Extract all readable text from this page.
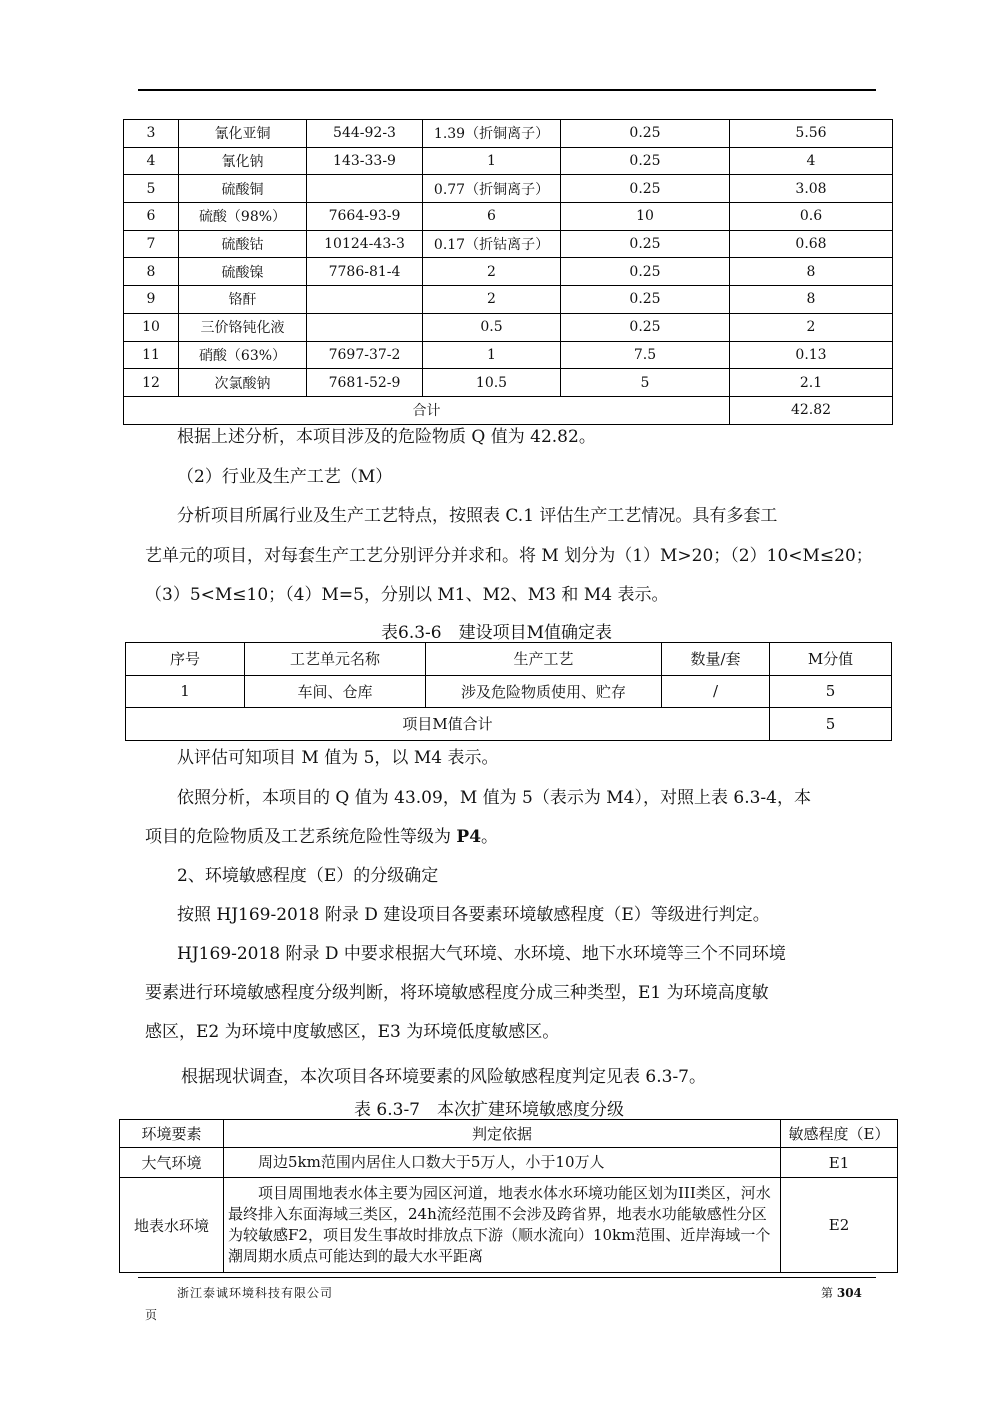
3	氰化亚铜	544-92-3	1.39（折铜离子）	0.25	5.56
4	氰化钠	143-33-9	1	0.25	4
5	硫酸铜		0.77（折铜离子）	0.25	3.08
6	硫酸（98%）	7664-93-9	6	10	0.6
7	硫酸钴	10124-43-3	0.17（折钴离子）	0.25	0.68
8	硫酸镍	7786-81-4	2	0.25	8
9	铬酐		2	0.25	8
10	三价铬钝化液		0.5	0.25	2
11	硝酸（63%）	7697-37-2	1	7.5	0.13
12	次氯酸钠	7681-52-9	10.5	5	2.1
合计					42.82
根据上述分析，本项目涉及的危险物质 Q 值为 42.82。
（2）行业及生产工艺（M）
分析项目所属行业及生产工艺特点，按照表 C.1 评估生产工艺情况。具有多套工
艺单元的项目，对每套生产工艺分别评分并求和。将 M 划分为（1）M>20；（2）10<M≤20；
（3）5<M≤10；（4）M=5，分别以 M1、M2、M3 和 M4 表示。
表6.3-6　建设项目M值确定表
序号	工艺单元名称	生产工艺	数量/套	M分值
1	车间、仓库	涉及危险物质使用、贮存	/	5
项目M值合计				5
从评估可知项目 M 值为 5，以 M4 表示。
依照分析，本项目的 Q 值为 43.09，M 值为 5（表示为 M4），对照上表 6.3-4，本
项目的危险物质及工艺系统危险性等级为 P4。
2、环境敏感程度（E）的分级确定
按照 HJ169-2018 附录 D 建设项目各要素环境敏感程度（E）等级进行判定。
HJ169-2018 附录 D 中要求根据大气环境、水环境、地下水环境等三个不同环境
要素进行环境敏感程度分级判断，将环境敏感程度分成三种类型，E1 为环境高度敏
感区，E2 为环境中度敏感区，E3 为环境低度敏感区。
根据现状调查，本次项目各环境要素的风险敏感程度判定见表 6.3-7。
表 6.3-7　本次扩建环境敏感度分级
环境要素	判定依据	敏感程度（E）
大气环境	　　周边5km范围内居住人口数大于5万人，小于10万人	E1
地表水环境	　　项目周围地表水体主要为园区河道，地表水体水环境功能区划为III类区，河水最终排入东面海域三类区，24h流经范围不会涉及跨省界，地表水功能敏感性分区为较敏感F2，项目发生事故时排放点下游（顺水流向）10km范围、近岸海域一个潮周期水质点可能达到的最大水平距离	E2
浙江泰诚环境科技有限公司	第 304
页
